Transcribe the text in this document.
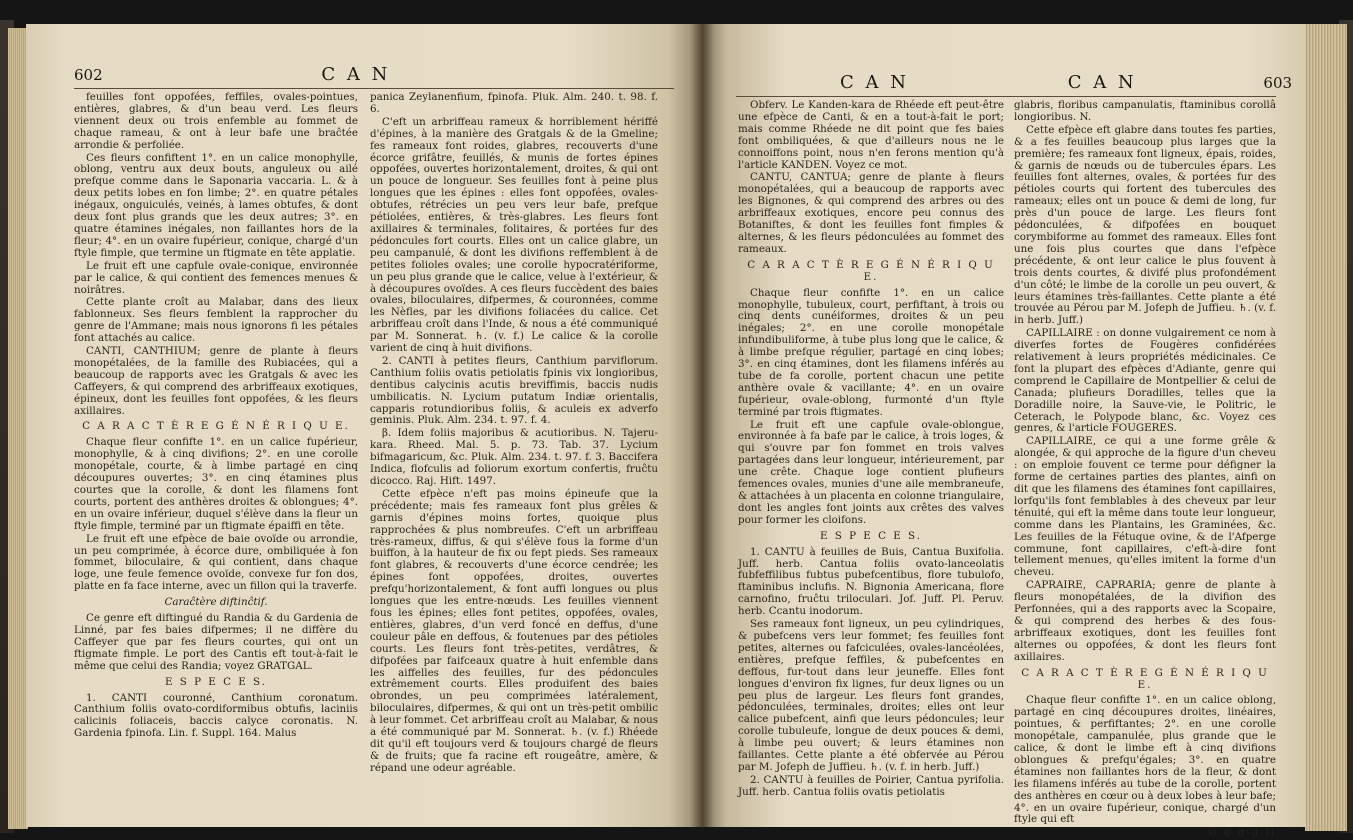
602	C A N

feuilles font oppofées, feffiles, ovales-pointues, entières, glabres, & d'un beau verd. Les fleurs viennent deux ou trois enfemble au fommet de chaque rameau, & ont à leur bafe une braĉtée arrondie & perfoliée.

Ces fleurs confiftent 1°. en un calice monophylle, oblong, ventru aux deux bouts, anguleux ou ailé prefque comme dans le Saponaria vaccaria. L. & à deux petits lobes en fon limbe; 2°. en quatre pétales inégaux, onguiculés, veinés, à lames obtufes, & dont deux font plus grands que les deux autres; 3°. en quatre étamines inégales, non faillantes hors de la fleur; 4°. en un ovaire fupérieur, conique, chargé d'un ftyle fimple, que termine un ftigmate en tête applatie.

Le fruit eft une capfule ovale-conique, environnée par le calice, & qui contient des femences menues & noirâtres.

Cette plante croît au Malabar, dans des lieux fablonneux. Ses fleurs femblent la rapprocher du genre de l'Ammane; mais nous ignorons fi les pétales font attachés au calice.

CANTI, CANTHIUM; genre de plante à fleurs monopétalées, de la famille des Rubiacées, qui a beaucoup de rapports avec les Gratgals & avec les Caffeyers, & qui comprend des arbriffeaux exotiques, épineux, dont les feuilles font oppofées, & les fleurs axillaires.

C A R A C T È R E G É N É R I Q U E.

Chaque fleur confifte 1°. en un calice fupérieur, monophylle, & à cinq divifions; 2°. en une corolle monopétale, courte, & à limbe partagé en cinq découpures ouvertes; 3°. en cinq étamines plus courtes que la corolle, & dont les filamens font courts, portent des anthères droites & oblongues; 4°. en un ovaire inférieur, duquel s'élève dans la fleur un ftyle fimple, terminé par un ftigmate épaiffi en tête.

Le fruit eft une efpèce de baie ovoïde ou arrondie, un peu comprimée, à écorce dure, ombiliquée à fon fommet, biloculaire, & qui contient, dans chaque loge, une feule femence ovoïde, convexe fur fon dos, platte en fa face interne, avec un fillon qui la traverfe.

Caraĉtère diftinĉtif.

Ce genre eft diftingué du Randia & du Gardenia de Linné, par fes baies difpermes; il ne diffère du Caffeyer que par fes fleurs courtes, qui ont un ftigmate fimple. Le port des Cantis eft tout-à-fait le même que celui des Randia; voyez GRATGAL.

E S P E C E S.

1. CANTI couronné, Canthium coronatum. Canthium foliis ovato-cordiformibus obtufis, laciniis calicinis foliaceis, baccis calyce coronatis. N. Gardenia fpinofa. Lin. f. Suppl. 164. Malus

panica Zeylanenfium, fpinofa. Pluk. Alm. 240. t. 98. f. 6.

C'eft un arbriffeau rameux & horriblement hériffé d'épines, à la manière des Gratgals & de la Gmeline; fes rameaux font roides, glabres, recouverts d'une écorce grifâtre, feuillés, & munis de fortes épines oppofées, ouvertes horizontalement, droites, & qui ont un pouce de longueur. Ses feuilles font à peine plus longues que les épines : elles font oppofées, ovales-obtufes, rétrécies un peu vers leur bafe, prefque pétiolées, entières, & très-glabres. Les fleurs font axillaires & terminales, folitaires, & portées fur des pédoncules fort courts. Elles ont un calice glabre, un peu campanulé, & dont les divifions reffemblent à de petites folioles ovales; une corolle hypocratériforme, un peu plus grande que le calice, velue à l'extérieur, & à découpures ovoïdes. A ces fleurs fuccèdent des baies ovales, biloculaires, difpermes, & couronnées, comme les Nèfles, par les divifions foliacées du calice. Cet arbriffeau croît dans l'Inde, & nous a été communiqué par M. Sonnerat. ♄. (v. f.) Le calice & la corolle varient de cinq à huit divifions.

2. CANTI à petites fleurs, Canthium parviflorum. Canthium foliis ovatis petiolatis fpinis vix longioribus, dentibus calycinis acutis breviffimis, baccis nudis umbilicatis. N. Lycium putatum Indiæ orientalis, capparis rotundioribus foliis, & aculeis ex adverfo geminis. Pluk. Alm. 234. t. 97. f. 4.

β. Idem foliis majoribus & acutioribus. N. Tajeru-kara. Rheed. Mal. 5. p. 73. Tab. 37. Lycium bifmagaricum, &c. Pluk. Alm. 234. t. 97. f. 3. Baccifera Indica, flofculis ad foliorum exortum confertis, fruĉtu dicocco. Raj. Hift. 1497.

Cette efpèce n'eft pas moins épineufe que la précédente; mais fes rameaux font plus grêles & garnis d'épines moins fortes, quoique plus rapprochées & plus nombreufes. C'eft un arbriffeau très-rameux, diffus, & qui s'élève fous la forme d'un buiffon, à la hauteur de fix ou fept pieds. Ses rameaux font glabres, & recouverts d'une écorce cendrée; les épines font oppofées, droites, ouvertes prefqu'horizontalement, & font auffi longues ou plus longues que les entre-nœuds. Les feuilles viennent fous les épines; elles font petites, oppofées, ovales, entières, glabres, d'un verd foncé en deffus, d'une couleur pâle en deffous, & foutenues par des pétioles courts. Les fleurs font très-petites, verdâtres, & difpofées par faifceaux quatre à huit enfemble dans les aiffelles des feuilles, fur des pédoncules extrêmement courts. Elles produifent des baies obrondes, un peu comprimées latéralement, biloculaires, difpermes, & qui ont un très-petit ombilic à leur fommet. Cet arbriffeau croît au Malabar, & nous a été communiqué par M. Sonnerat. ♄. (v. f.) Rhéede dit qu'il eft toujours verd & toujours chargé de fleurs & de fruits; que fa racine eft rougeâtre, amère, & répand une odeur agréable.

C A N	C A N	603

Obferv. Le Kanden-kara de Rhéede eft peut-être une efpèce de Canti, & en a tout-à-fait le port; mais comme Rhéede ne dit point que fes baies font ombiliquées, & que d'ailleurs nous ne le connoiffons point, nous n'en ferons mention qu'à l'article KANDEN. Voyez ce mot.

CANTU, CANTUA; genre de plante à fleurs monopétalées, qui a beaucoup de rapports avec les Bignones, & qui comprend des arbres ou des arbriffeaux exotiques, encore peu connus des Botaniftes, & dont les feuilles font fimples & alternes, & les fleurs pédonculées au fommet des rameaux.

C A R A C T È R E G É N É R I Q U E.

Chaque fleur confifte 1°. en un calice monophylle, tubuleux, court, perfiftant, à trois ou cinq dents cunéiformes, droites & un peu inégales; 2°. en une corolle monopétale infundibuliforme, à tube plus long que le calice, & à limbe prefque régulier, partagé en cinq lobes; 3°. en cinq étamines, dont les filamens inférés au tube de fa corolle, portent chacun une petite anthère ovale & vacillante; 4°. en un ovaire fupérieur, ovale-oblong, furmonté d'un ftyle terminé par trois ftigmates.

Le fruit eft une capfule ovale-oblongue, environnée à fa bafe par le calice, à trois loges, & qui s'ouvre par fon fommet en trois valves partagées dans leur longueur, intérieurement, par une crête. Chaque loge contient plufieurs femences ovales, munies d'une aile membraneufe, & attachées à un placenta en colonne triangulaire, dont les angles font joints aux crêtes des valves pour former les cloifons.

E S P E C E S.

1. CANTU à feuilles de Buis, Cantua Buxifolia. Juff. herb. Cantua foliis ovato-lanceolatis fubfeffilibus fubtus pubefcentibus, flore tubulofo, ftaminibus inclufis. N. Bignonia Americana, flore carnofino, fruĉtu triloculari. Jof. Juff. Pl. Peruv. herb. Ccantu inodorum.

Ses rameaux font ligneux, un peu cylindriques, & pubefcens vers leur fommet; fes feuilles font petites, alternes ou fafciculées, ovales-lancéolées, entières, prefque feffiles, & pubefcentes en deffous, fur-tout dans leur jeuneffe. Elles font longues d'environ fix lignes, fur deux lignes ou un peu plus de largeur. Les fleurs font grandes, pédonculées, terminales, droites; elles ont leur calice pubefcent, ainfi que leurs pédoncules; leur corolle tubuleufe, longue de deux pouces & demi, à limbe peu ouvert; & leurs étamines non faillantes. Cette plante a été obfervée au Pérou par M. Jofeph de Juffieu. ♄. (v. f. in herb. Juff.)

2. CANTU à feuilles de Poirier, Cantua pyrifolia. Juff. herb. Cantua foliis ovatis petiolatis

glabris, floribus campanulatis, ftaminibus corollâ longioribus. N.

Cette efpèce eft glabre dans toutes fes parties, & a fes feuilles beaucoup plus larges que la première; fes rameaux font ligneux, épais, roides, & garnis de nœuds ou de tubercules épars. Les feuilles font alternes, ovales, & portées fur des pétioles courts qui fortent des tubercules des rameaux; elles ont un pouce & demi de long, fur près d'un pouce de large. Les fleurs font pédonculées, & difpofées en bouquet corymbiforme au fommet des rameaux. Elles font une fois plus courtes que dans l'efpèce précédente, & ont leur calice le plus fouvent à trois dents courtes, & divifé plus profondément d'un côté; le limbe de la corolle un peu ouvert, & leurs étamines très-faillantes. Cette plante a été trouvée au Pérou par M. Jofeph de Juffieu. ♄. (v. f. in herb. Juff.)

CAPILLAIRE : on donne vulgairement ce nom à diverfes fortes de Fougères confidérées relativement à leurs propriétés médicinales. Ce font la plupart des efpèces d'Adiante, genre qui comprend le Capillaire de Montpellier & celui de Canada; plufieurs Doradilles, telles que la Doradille noire, la Sauve-vie, le Politric, le Ceterach, le Polypode blanc, &c. Voyez ces genres, & l'article FOUGERES.

CAPILLAIRE, ce qui a une forme grêle & alongée, & qui approche de la figure d'un cheveu : on emploie fouvent ce terme pour défigner la forme de certaines parties des plantes, ainfi on dit que les filamens des étamines font capillaires, lorfqu'ils font femblables à des cheveux par leur ténuité, qui eft la même dans toute leur longueur, comme dans les Plantains, les Graminées, &c. Les feuilles de la Fétuque ovine, & de l'Afperge commune, font capillaires, c'eft-à-dire font tellement menues, qu'elles imitent la forme d'un cheveu.

CAPRAIRE, CAPRARIA; genre de plante à fleurs monopétalées, de la divifion des Perfonnées, qui a des rapports avec la Scopaire, & qui comprend des herbes & des fous-arbriffeaux exotiques, dont les feuilles font alternes ou oppofées, & dont les fleurs font axillaires.

C A R A C T È R E G É N É R I Q U E.

Chaque fleur confifte 1°. en un calice oblong, partagé en cinq découpures droites, linéaires, pointues, & perfiftantes; 2°. en une corolle monopétale, campanulée, plus grande que le calice, & dont le limbe eft à cinq divifions oblongues & prefqu'égales; 3°. en quatre étamines non faillantes hors de la fleur, & dont les filamens inférés au tube de la corolle, portent des anthères en cœur ou à deux lobes à leur bafe; 4°. en un ovaire fupérieur, conique, chargé d'un ftyle qui eft

G g g g ij
